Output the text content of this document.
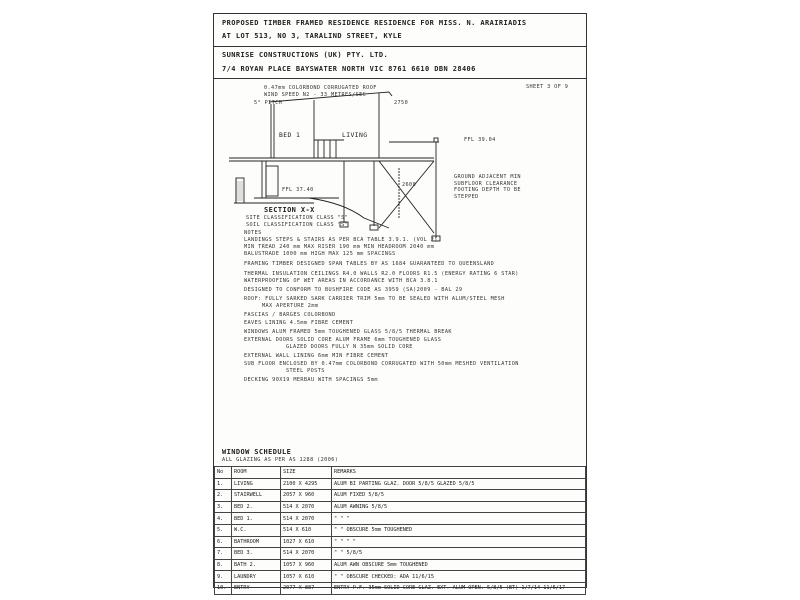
PROPOSED TIMBER FRAMED RESIDENCE RESIDENCE FOR MISS. N. ARAIRIADIS
AT LOT 513, NO 3, TARALIND STREET, KYLE
SUNRISE CONSTRUCTIONS (UK) PTY. LTD.
7/4 ROYAN PLACE BAYSWATER NORTH VIC 8761 6610 DBN 28406
SHEET 3 OF 9
0.47mm COLORBOND CORRUGATED ROOF
WIND SPEED N2 - 33 METRES/SEC
5° PITCH	2750
BED 1	LIVING
FFL 39.04
FFL 37.40
2600
GROUND ADJACENT MIN SUBFLOOR CLEARANCE FOOTING DEPTH TO BE STEPPED
SECTION X-X
SITE CLASSIFICATION CLASS "S"
SOIL CLASSIFICATION CLASS "S"
NOTES
LANDINGS STEPS & STAIRS AS PER BCA TABLE 3.9.1. (VOL 2)
MIN TREAD 240 mm MAX RISER 190 mm MIN HEADROOM 2040 mm
BALUSTRADE 1000 mm HIGH MAX 125 mm SPACINGS
FRAMING TIMBER DESIGNED SPAN TABLES BY AS 1684 GUARANTEED TO QUEENSLAND
THERMAL INSULATION CEILINGS R4.0 WALLS R2.0 FLOORS R1.5 (ENERGY RATING 6 STAR)
WATERPROOFING OF WET AREAS IN ACCORDANCE WITH BCA 3.8.1
DESIGNED TO CONFORM TO BUSHFIRE CODE AS 3959 (SA)2009 - BAL 29
ROOF: FULLY SARKED SARK CARRIER TRIM 5mm TO BE SEALED WITH ALUM/STEEL MESH
MAX APERTURE 2mm
FASCIAS / BARGES COLORBOND
EAVES LINING 4.5mm FIBRE CEMENT
WINDOWS ALUM FRAMED 5mm TOUGHENED GLASS 5/8/5 THERMAL BREAK
EXTERNAL DOORS SOLID CORE ALUM FRAME 6mm TOUGHENED GLASS
GLAZED DOORS FULLY N 35mm SOLID CORE
EXTERNAL WALL LINING 6mm MIN FIBRE CEMENT
SUB FLOOR ENCLOSED BY 0.47mm COLORBOND CORRUGATED WITH 50mm MESHED VENTILATION
STEEL POSTS
DECKING 90X19 MERBAU WITH SPACINGS 5mm
WINDOW SCHEDULE
ALL GLAZING AS PER AS 1288 (2006)
No	ROOM	SIZE	REMARKS
1.	LIVING	2100 X 4295	ALUM BI PARTING GLAZ. DOOR 5/8/5 GLAZED 5/8/5
2.	STAIRWELL	2057 X 960	ALUM FIXED 5/8/5
3.	BED 2.	514 X 2070	ALUM AWNING 5/8/5
4.	BED 1.	514 X 2070	" " "
5.	W.C.	514 X 610	" " OBSCURE 5mm TOUGHENED
6.	BATHROOM	1027 X 610	" " " "
7.	BED 3.	514 X 2070	" " 5/8/5
8.	BATH 2.	1057 X 960	ALUM AWN OBSCURE 5mm TOUGHENED
9.	LAUNDRY	1057 X 610	" " OBSCURE CHECKED: ADA 11/6/15
10.	ENTRY	2077 X 887	ENTRY P.F. 35mm SOLID CORE GLAZ. EXT. ALUM OPEN. 5/8/5 (BT) 1/7/14 11/6/17
